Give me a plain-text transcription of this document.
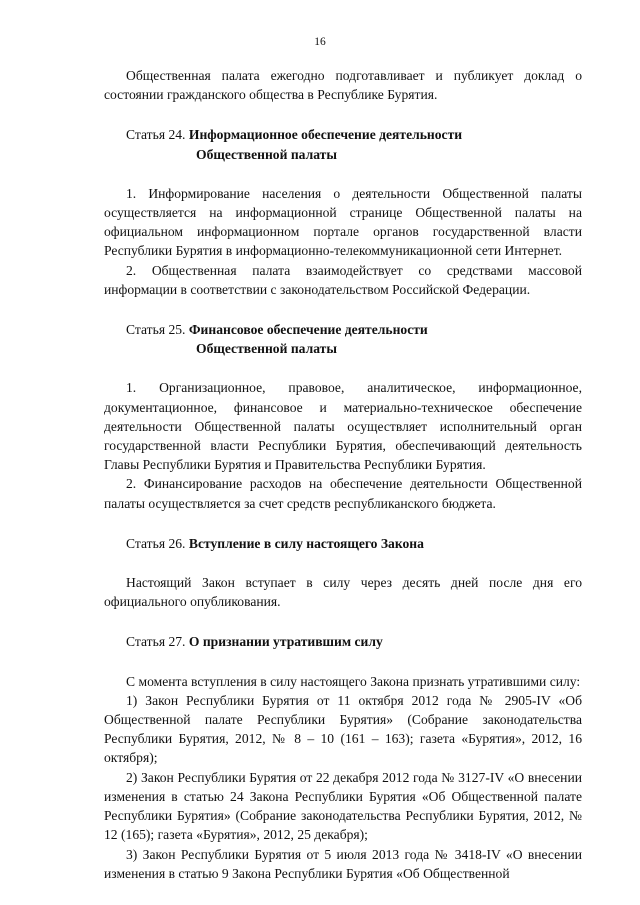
16

Общественная палата ежегодно подготавливает и публикует доклад о состоянии гражданского общества в Республике Бурятия.

Статья 24. Информационное обеспечение деятельности
Общественной палаты

1. Информирование населения о деятельности Общественной палаты осуществляется на информационной странице Общественной палаты на официальном информационном портале органов государственной власти Республики Бурятия в информационно-телекоммуникационной сети Интернет.

2. Общественная палата взаимодействует со средствами массовой информации в соответствии с законодательством Российской Федерации.

Статья 25. Финансовое обеспечение деятельности
Общественной палаты

1. Организационное, правовое, аналитическое, информационное, документационное, финансовое и материально-техническое обеспечение деятельности Общественной палаты осуществляет исполнительный орган государственной власти Республики Бурятия, обеспечивающий деятельность Главы Республики Бурятия и Правительства Республики Бурятия.

2. Финансирование расходов на обеспечение деятельности Общественной палаты осуществляется за счет средств республиканского бюджета.

Статья 26. Вступление в силу настоящего Закона

Настоящий Закон вступает в силу через десять дней после дня его официального опубликования.

Статья 27. О признании утратившим силу

С момента вступления в силу настоящего Закона признать утратившими силу:

1) Закон Республики Бурятия от 11 октября 2012 года № 2905-IV «Об Общественной палате Республики Бурятия» (Собрание законодательства Республики Бурятия, 2012, № 8 – 10 (161 – 163); газета «Бурятия», 2012, 16 октября);

2) Закон Республики Бурятия от 22 декабря 2012 года № 3127-IV «О внесении изменения в статью 24 Закона Республики Бурятия «Об Общественной палате Республики Бурятия» (Собрание законодательства Республики Бурятия, 2012, № 12 (165); газета «Бурятия», 2012, 25 декабря);

3) Закон Республики Бурятия от 5 июля 2013 года № 3418-IV «О внесении изменения в статью 9 Закона Республики Бурятия «Об Общественной
